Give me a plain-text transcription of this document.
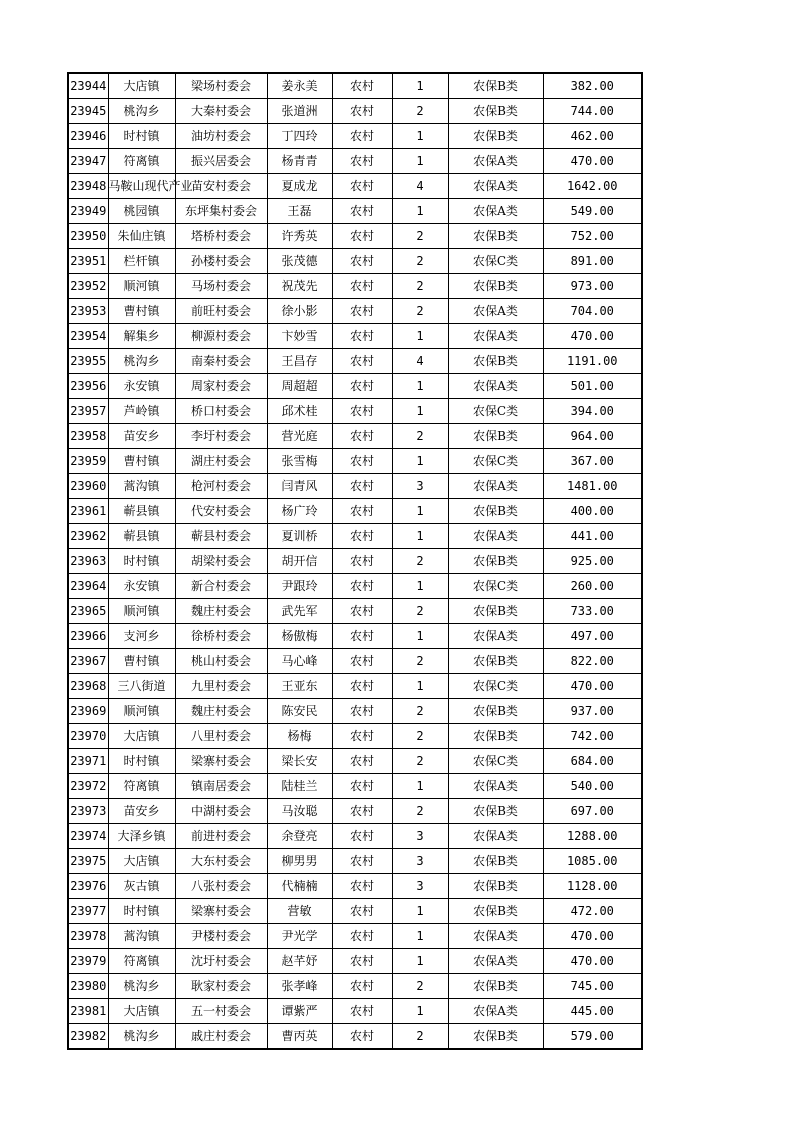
23944	大店镇	梁场村委会	姜永美	农村	1	农保B类	382.00
23945	桃沟乡	大秦村委会	张道洲	农村	2	农保B类	744.00
23946	时村镇	油坊村委会	丁四玲	农村	1	农保B类	462.00
23947	符离镇	振兴居委会	杨青青	农村	1	农保A类	470.00
23948	马鞍山现代产业	苗安村委会	夏成龙	农村	4	农保A类	1642.00
23949	桃园镇	东坪集村委会	王磊	农村	1	农保A类	549.00
23950	朱仙庄镇	塔桥村委会	许秀英	农村	2	农保B类	752.00
23951	栏杆镇	孙楼村委会	张茂德	农村	2	农保C类	891.00
23952	顺河镇	马场村委会	祝茂先	农村	2	农保B类	973.00
23953	曹村镇	前旺村委会	徐小影	农村	2	农保A类	704.00
23954	解集乡	柳源村委会	卞妙雪	农村	1	农保A类	470.00
23955	桃沟乡	南秦村委会	王昌存	农村	4	农保B类	1191.00
23956	永安镇	周家村委会	周超超	农村	1	农保A类	501.00
23957	芦岭镇	桥口村委会	邱术桂	农村	1	农保C类	394.00
23958	苗安乡	李圩村委会	营光庭	农村	2	农保B类	964.00
23959	曹村镇	湖庄村委会	张雪梅	农村	1	农保C类	367.00
23960	蒿沟镇	枪河村委会	闫青风	农村	3	农保A类	1481.00
23961	蕲县镇	代安村委会	杨广玲	农村	1	农保B类	400.00
23962	蕲县镇	蕲县村委会	夏训桥	农村	1	农保A类	441.00
23963	时村镇	胡梁村委会	胡开信	农村	2	农保B类	925.00
23964	永安镇	新合村委会	尹跟玲	农村	1	农保C类	260.00
23965	顺河镇	魏庄村委会	武先军	农村	2	农保B类	733.00
23966	支河乡	徐桥村委会	杨傲梅	农村	1	农保A类	497.00
23967	曹村镇	桃山村委会	马心峰	农村	2	农保B类	822.00
23968	三八街道	九里村委会	王亚东	农村	1	农保C类	470.00
23969	顺河镇	魏庄村委会	陈安民	农村	2	农保B类	937.00
23970	大店镇	八里村委会	杨梅	农村	2	农保B类	742.00
23971	时村镇	梁寨村委会	梁长安	农村	2	农保C类	684.00
23972	符离镇	镇南居委会	陆桂兰	农村	1	农保A类	540.00
23973	苗安乡	中湖村委会	马汝聪	农村	2	农保B类	697.00
23974	大泽乡镇	前进村委会	余登亮	农村	3	农保A类	1288.00
23975	大店镇	大东村委会	柳男男	农村	3	农保B类	1085.00
23976	灰古镇	八张村委会	代楠楠	农村	3	农保B类	1128.00
23977	时村镇	梁寨村委会	营敏	农村	1	农保B类	472.00
23978	蒿沟镇	尹楼村委会	尹光学	农村	1	农保A类	470.00
23979	符离镇	沈圩村委会	赵芊妤	农村	1	农保A类	470.00
23980	桃沟乡	耿家村委会	张孝峰	农村	2	农保B类	745.00
23981	大店镇	五一村委会	谭紫严	农村	1	农保A类	445.00
23982	桃沟乡	戚庄村委会	曹丙英	农村	2	农保B类	579.00
